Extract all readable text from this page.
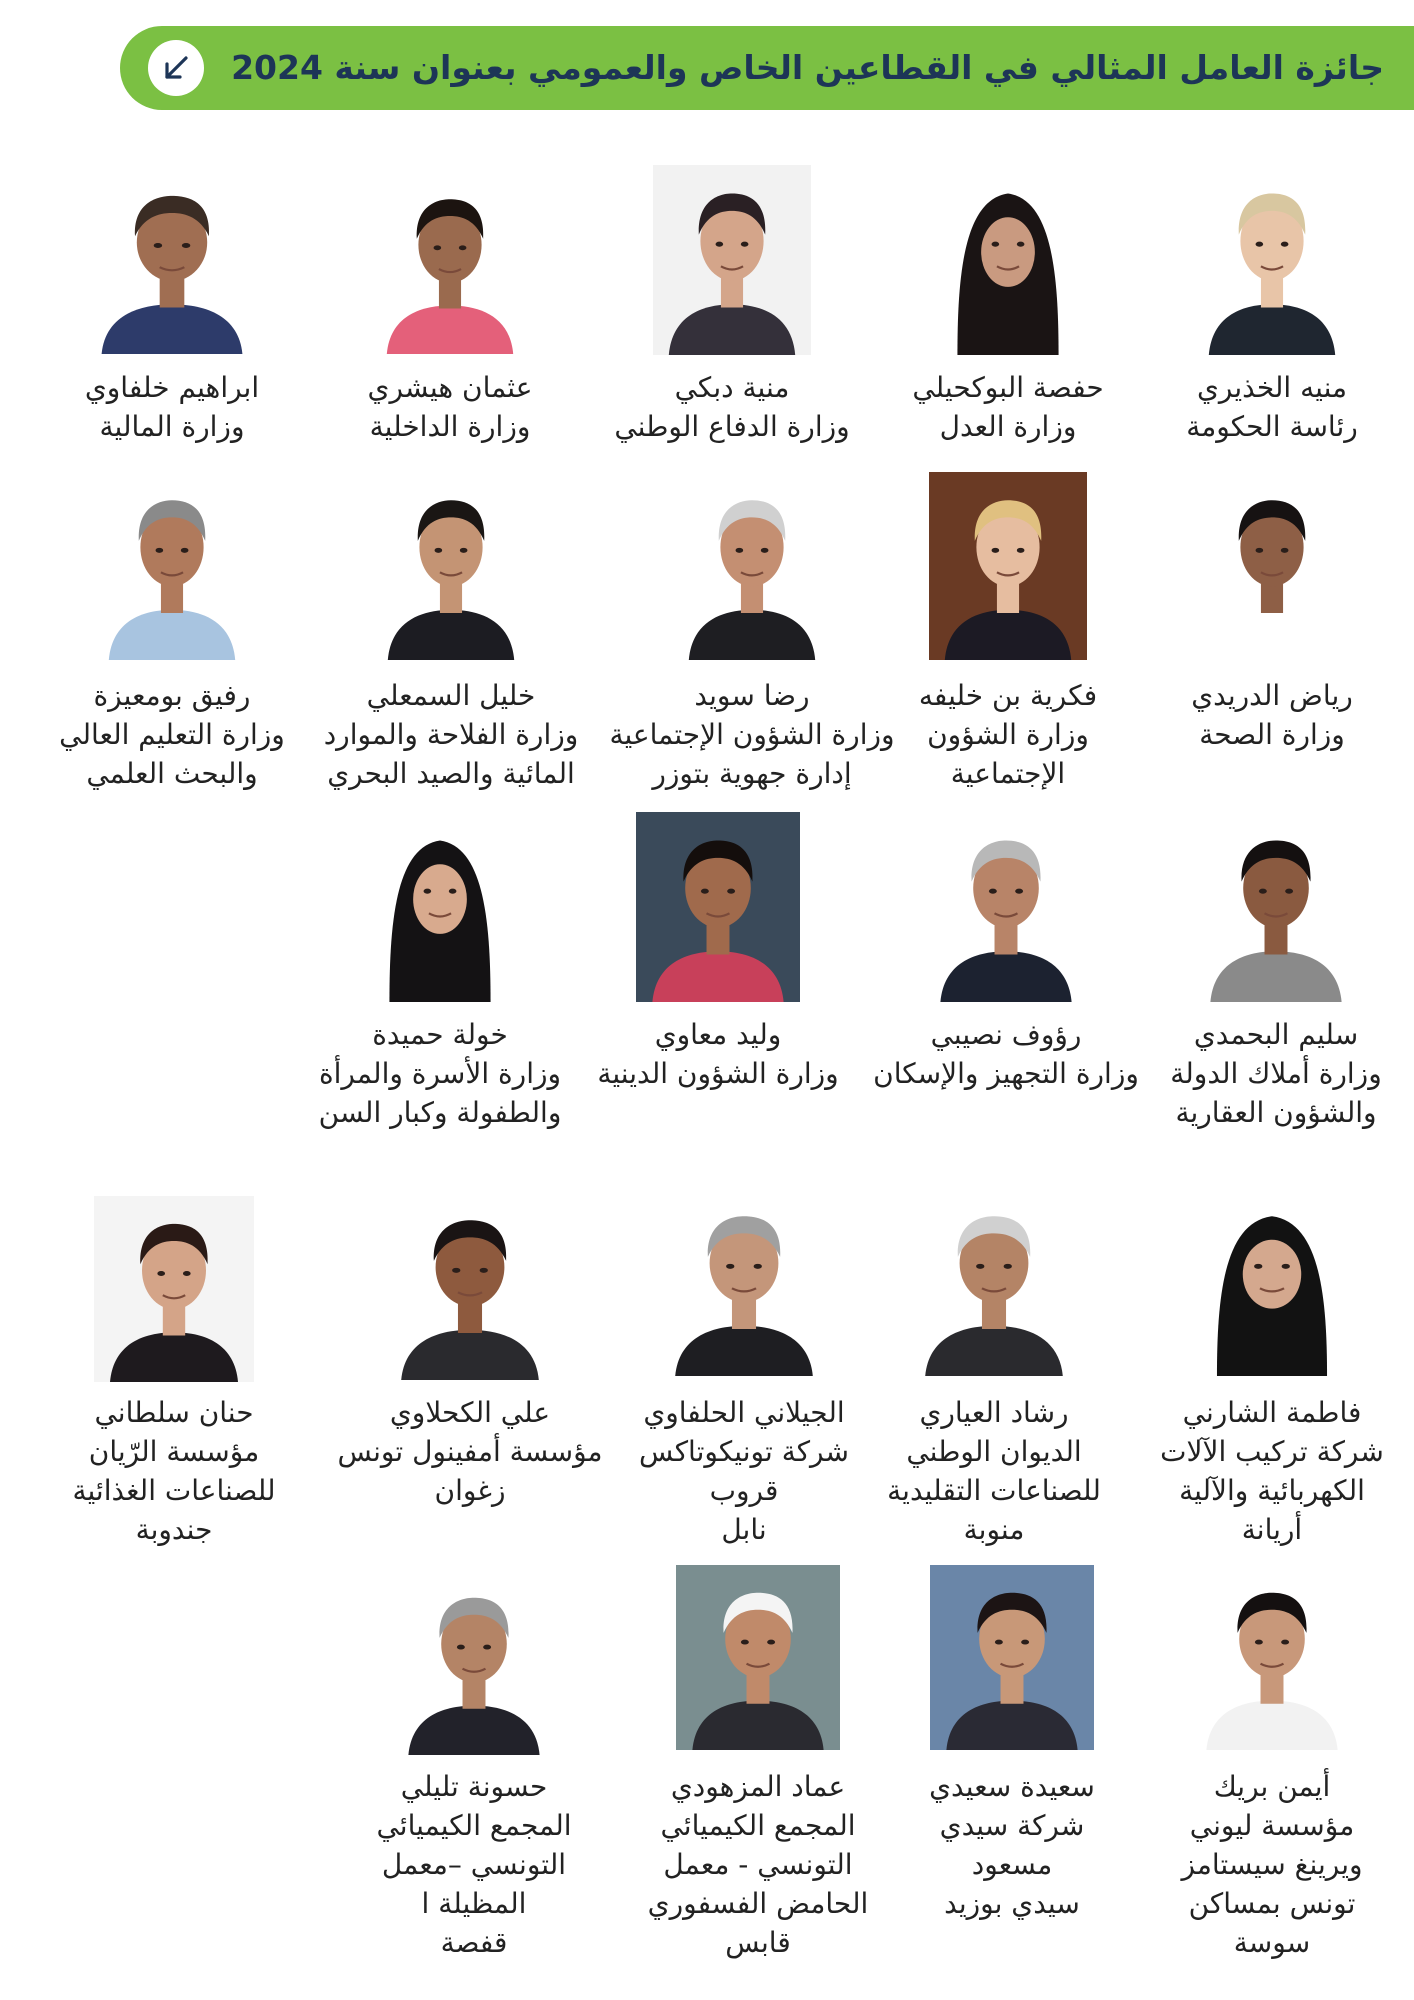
جائزة العامل المثالي في القطاعين الخاص والعمومي بعنوان سنة 2024
منيه الخذيري
رئاسة الحكومة
حفصة البوكحيلي
وزارة العدل
منية دبكي
وزارة الدفاع الوطني
عثمان هيشري
وزارة الداخلية
ابراهيم خلفاوي
وزارة المالية
رياض الدريدي
وزارة الصحة
فكرية بن خليفه
وزارة الشؤون
الإجتماعية
رضا سويد
وزارة الشؤون الإجتماعية
إدارة جهوية بتوزر
خليل السمعلي
وزارة الفلاحة والموارد
المائية والصيد البحري
رفيق بومعيزة
وزارة التعليم العالي
والبحث العلمي
سليم البحمدي
وزارة أملاك الدولة
والشؤون العقارية
رؤوف نصيبي
وزارة التجهيز والإسكان
وليد معاوي
وزارة الشؤون الدينية
خولة حميدة
وزارة الأسرة والمرأة
والطفولة وكبار السن
فاطمة الشارني
شركة تركيب الآلات
الكهربائية والآلية
أريانة
رشاد العياري
الديوان الوطني
للصناعات التقليدية
منوبة
الجيلاني الحلفاوي
شركة تونيكوتاكس
قروب
نابل
علي الكحلاوي
مؤسسة أمفينول تونس
زغوان
حنان سلطاني
مؤسسة الرّيان
للصناعات الغذائية
جندوبة
أيمن بريك
مؤسسة ليوني
ويرينغ سيستامز
تونس بمساكن
سوسة
سعيدة سعيدي
شركة سيدي
مسعود
سيدي بوزيد
عماد المزهودي
المجمع الكيميائي
التونسي - معمل
الحامض الفسفوري
قابس
حسونة تليلي
المجمع الكيميائي
التونسي –معمل
المظيلة ا
قفصة
